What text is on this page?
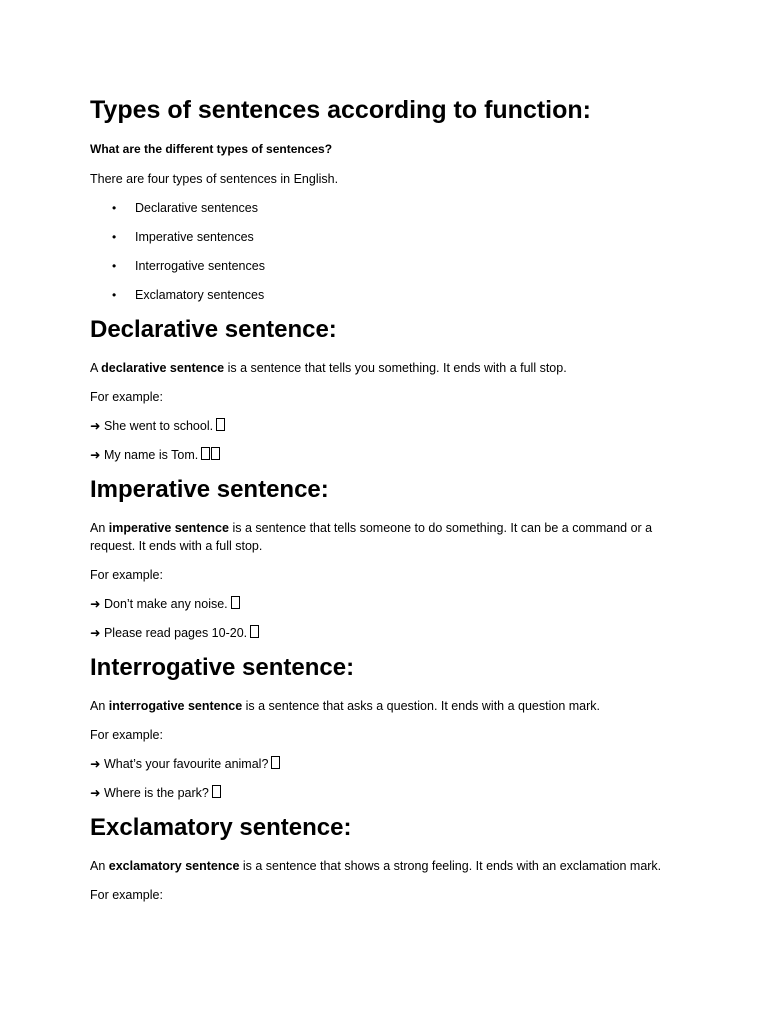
Types of sentences according to function:
What are the different types of sentences?

There are four types of sentences in English.

• Declarative sentences
• Imperative sentences
• Interrogative sentences
• Exclamatory sentences
Declarative sentence:

A declarative sentence is a sentence that tells you something. It ends with a full stop.

For example:

➜ She went to school.
➜ My name is Tom.
Imperative sentence:

An imperative sentence is a sentence that tells someone to do something. It can be a command or a request. It ends with a full stop.

For example:

➜ Don’t make any noise.
➜ Please read pages 10-20.
Interrogative sentence:

An interrogative sentence is a sentence that asks a question. It ends with a question mark.

For example:

➜ What’s your favourite animal?
➜ Where is the park?
Exclamatory sentence:

An exclamatory sentence is a sentence that shows a strong feeling. It ends with an exclamation mark.

For example:
